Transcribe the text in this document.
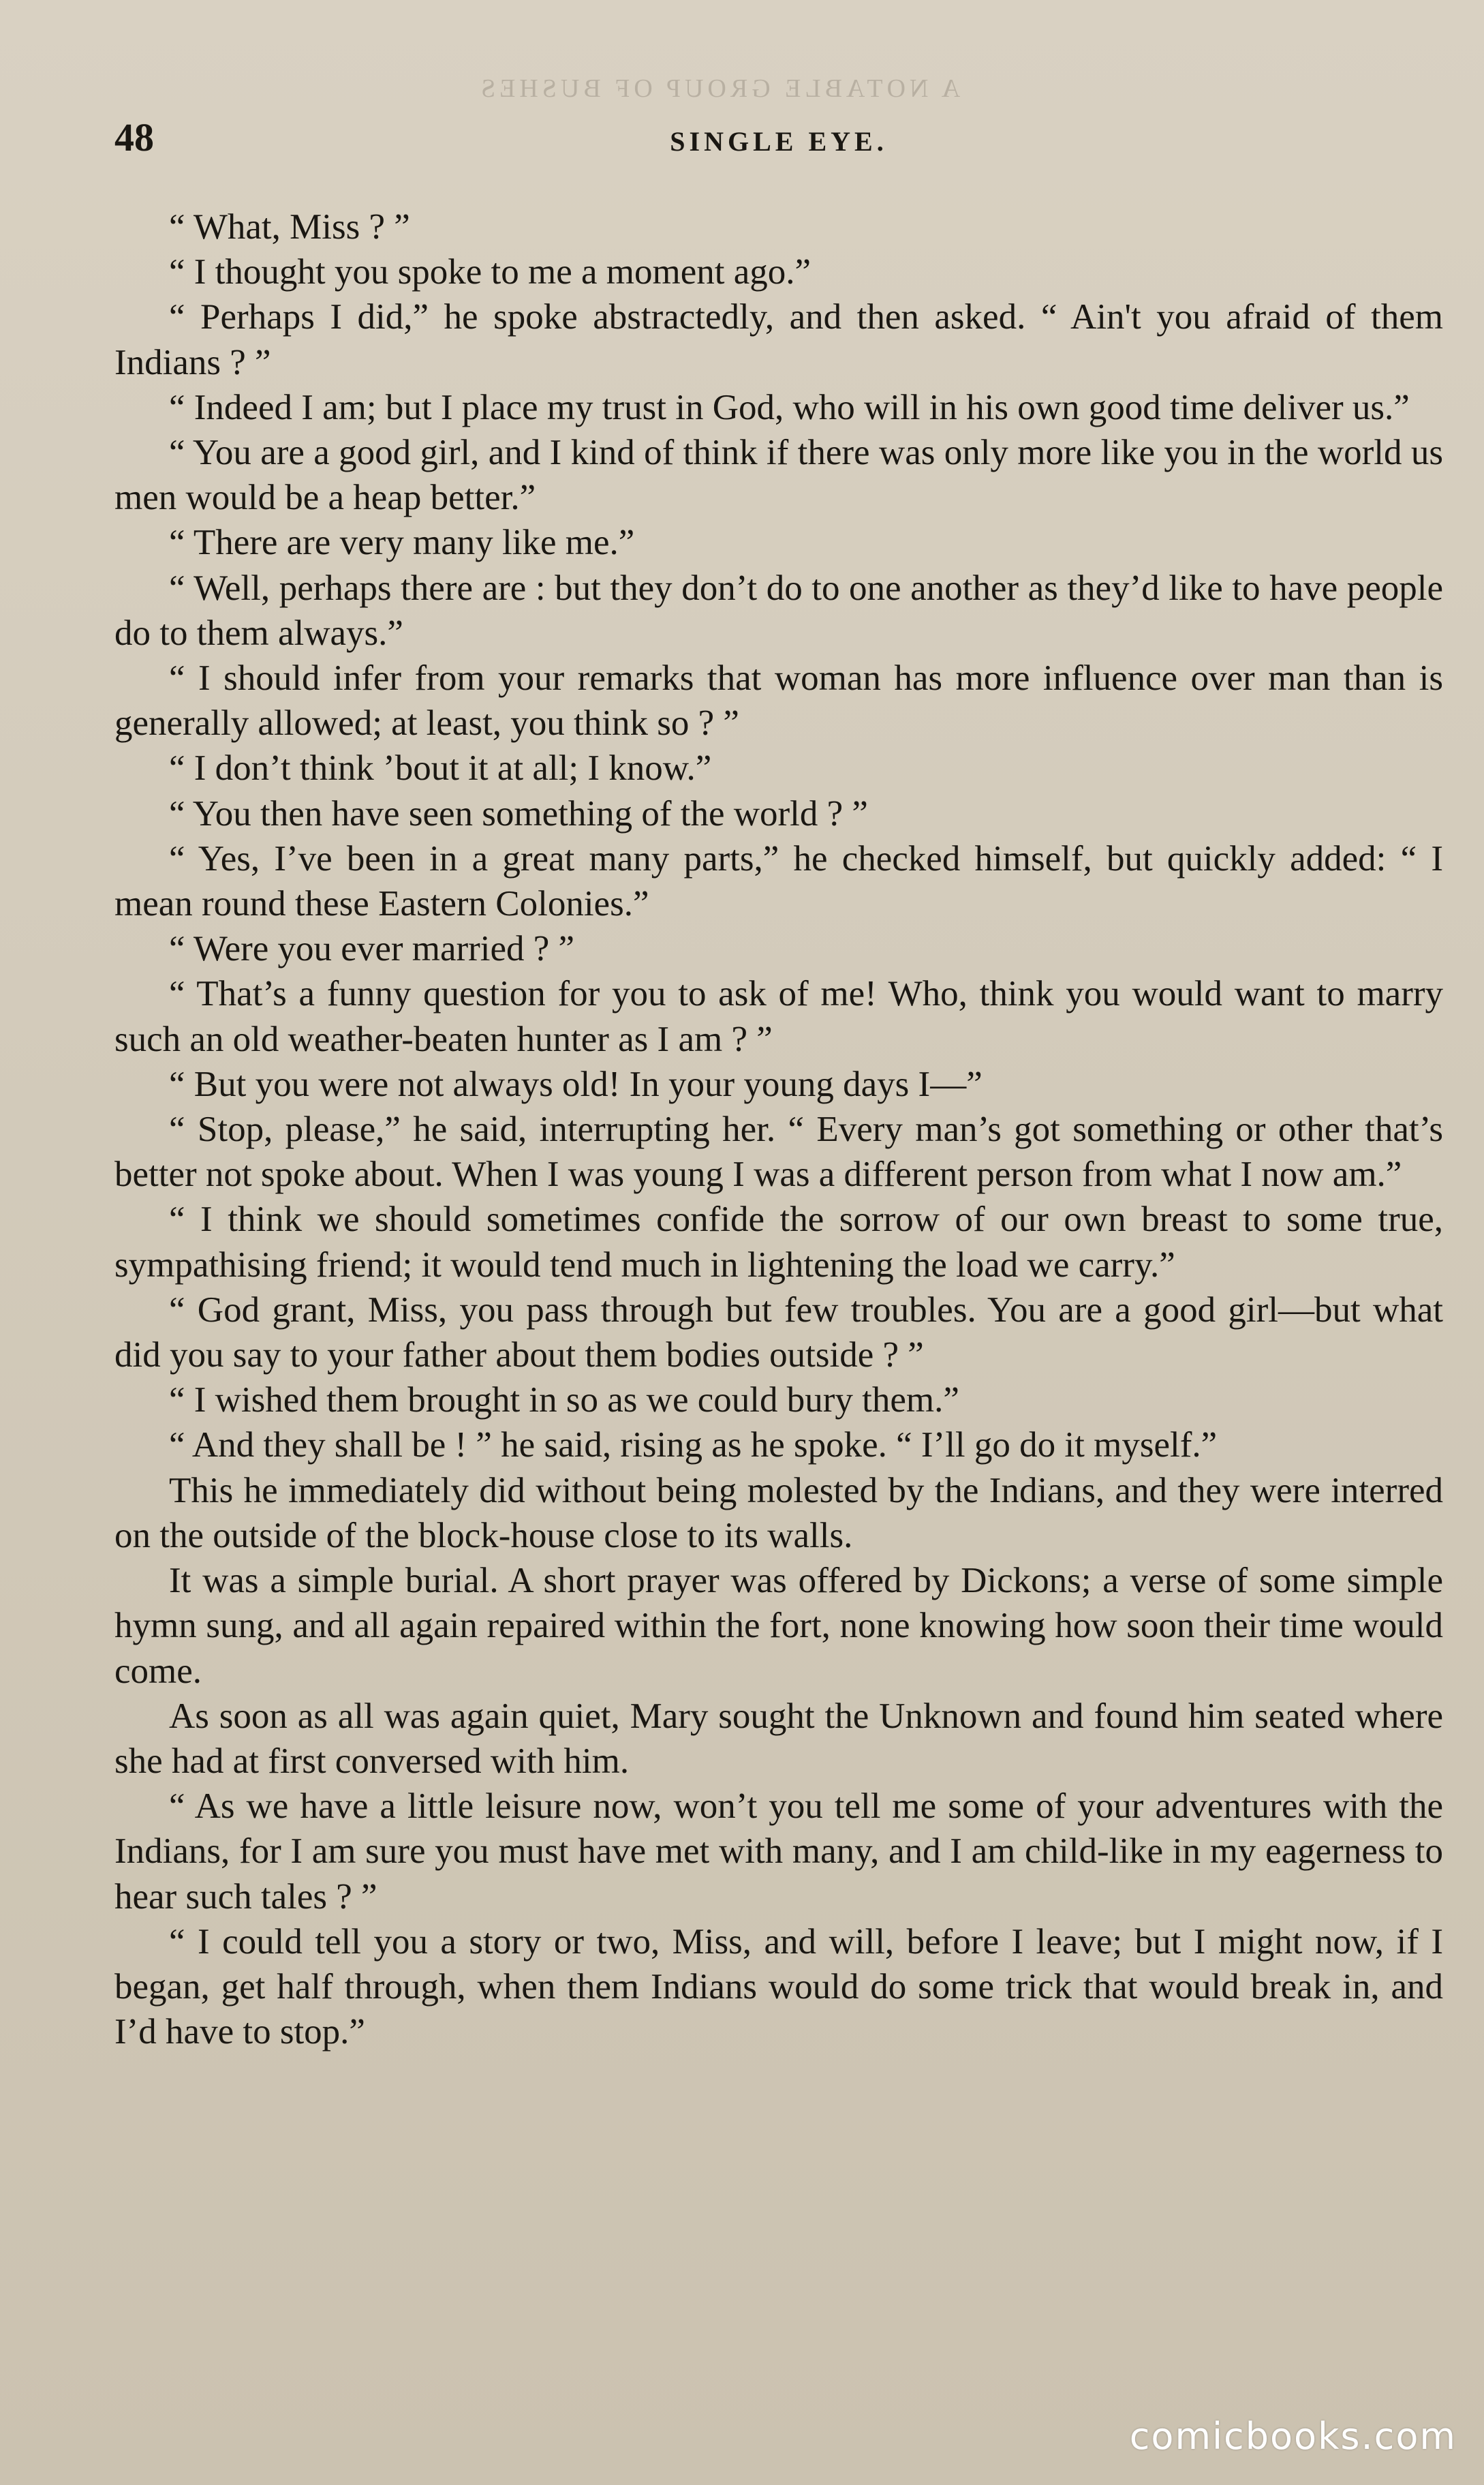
A NOTABLE GROUP OF BUSHES
48	SINGLE EYE.

“ What, Miss ? ”

“ I thought you spoke to me a moment ago.”

“ Perhaps I did,” he spoke abstractedly, and then asked. “ Ain't you afraid of them Indians ? ”

“ Indeed I am; but I place my trust in God, who will in his own good time deliver us.”

“ You are a good girl, and I kind of think if there was only more like you in the world us men would be a heap better.”

“ There are very many like me.”

“ Well, perhaps there are : but they don’t do to one another as they’d like to have people do to them always.”

“ I should infer from your remarks that woman has more influence over man than is generally allowed; at least, you think so ? ”

“ I don’t think ’bout it at all; I know.”

“ You then have seen something of the world ? ”

“ Yes, I’ve been in a great many parts,” he checked himself, but quickly added: “ I mean round these Eastern Colonies.”

“ Were you ever married ? ”

“ That’s a funny question for you to ask of me! Who, think you would want to marry such an old weather-beaten hunter as I am ? ”

“ But you were not always old! In your young days I—”

“ Stop, please,” he said, interrupting her. “ Every man’s got something or other that’s better not spoke about. When I was young I was a different person from what I now am.”

“ I think we should sometimes confide the sorrow of our own breast to some true, sympathising friend; it would tend much in lightening the load we carry.”

“ God grant, Miss, you pass through but few troubles. You are a good girl—but what did you say to your father about them bodies outside ? ”

“ I wished them brought in so as we could bury them.”

“ And they shall be ! ” he said, rising as he spoke. “ I’ll go do it myself.”

This he immediately did without being molested by the Indians, and they were interred on the outside of the block-house close to its walls.

It was a simple burial. A short prayer was offered by Dickons; a verse of some simple hymn sung, and all again repaired within the fort, none knowing how soon their time would come.

As soon as all was again quiet, Mary sought the Unknown and found him seated where she had at first conversed with him.

“ As we have a little leisure now, won’t you tell me some of your adventures with the Indians, for I am sure you must have met with many, and I am child-like in my eagerness to hear such tales ? ”

“ I could tell you a story or two, Miss, and will, before I leave; but I might now, if I began, get half through, when them Indians would do some trick that would break in, and I’d have to stop.”

comicbooks.com
